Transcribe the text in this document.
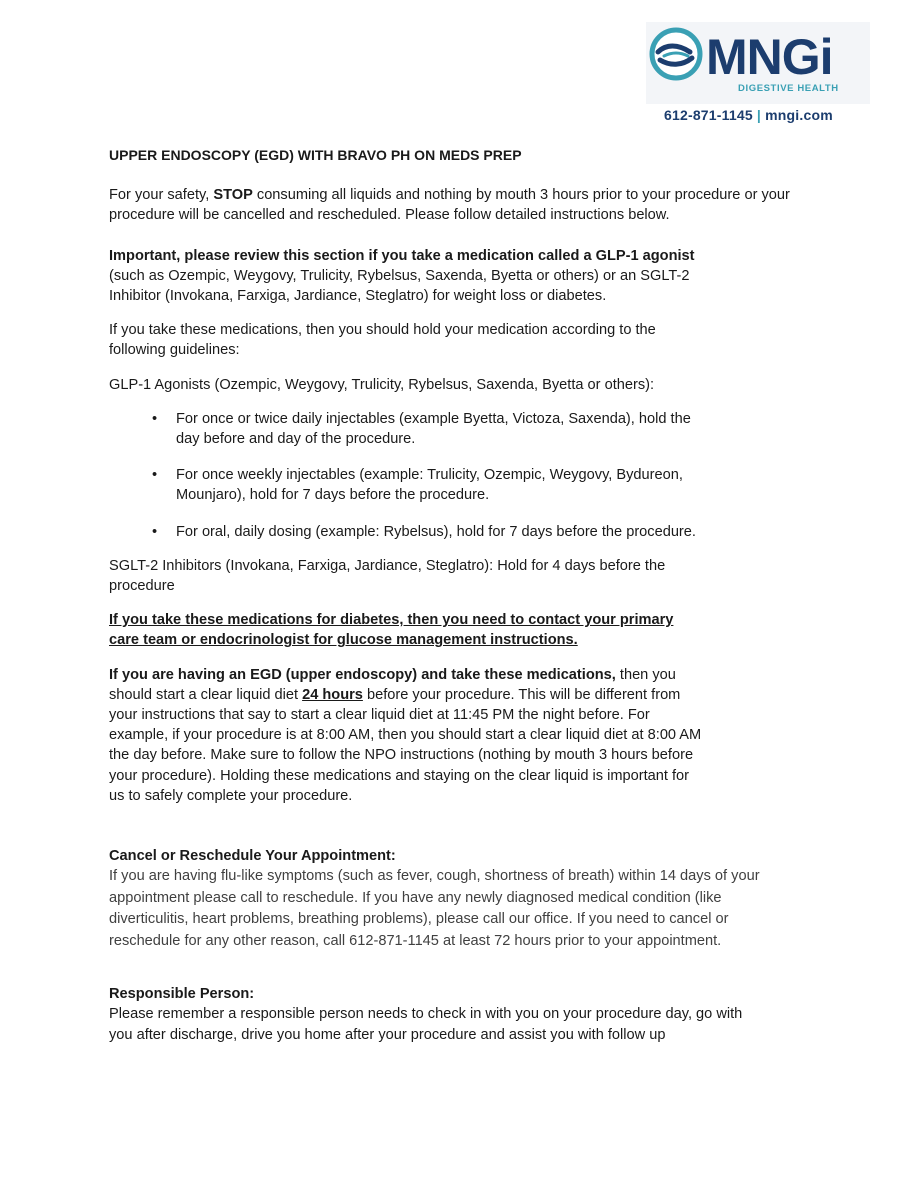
MNGi
DIGESTIVE HEALTH
612-871-1145 | mngi.com

UPPER ENDOSCOPY (EGD) WITH BRAVO PH ON MEDS PREP

For your safety, STOP consuming all liquids and nothing by mouth 3 hours prior to your procedure or your procedure will be cancelled and rescheduled. Please follow detailed instructions below.

Important, please review this section if you take a medication called a GLP-1 agonist
(such as Ozempic, Weygovy, Trulicity, Rybelsus, Saxenda, Byetta or others) or an SGLT-2 Inhibitor (Invokana, Farxiga, Jardiance, Steglatro) for weight loss or diabetes.

If you take these medications, then you should hold your medication according to the following guidelines:

GLP-1 Agonists (Ozempic, Weygovy, Trulicity, Rybelsus, Saxenda, Byetta or others):

• For once or twice daily injectables (example Byetta, Victoza, Saxenda), hold the day before and day of the procedure.
• For once weekly injectables (example: Trulicity, Ozempic, Weygovy, Bydureon, Mounjaro), hold for 7 days before the procedure.
• For oral, daily dosing (example: Rybelsus), hold for 7 days before the procedure.

SGLT-2 Inhibitors (Invokana, Farxiga, Jardiance, Steglatro): Hold for 4 days before the procedure

If you take these medications for diabetes, then you need to contact your primary care team or endocrinologist for glucose management instructions.

If you are having an EGD (upper endoscopy) and take these medications, then you should start a clear liquid diet 24 hours before your procedure. This will be different from your instructions that say to start a clear liquid diet at 11:45 PM the night before. For example, if your procedure is at 8:00 AM, then you should start a clear liquid diet at 8:00 AM the day before. Make sure to follow the NPO instructions (nothing by mouth 3 hours before your procedure). Holding these medications and staying on the clear liquid is important for us to safely complete your procedure.

Cancel or Reschedule Your Appointment:

If you are having flu-like symptoms (such as fever, cough, shortness of breath) within 14 days of your appointment please call to reschedule. If you have any newly diagnosed medical condition (like diverticulitis, heart problems, breathing problems), please call our office. If you need to cancel or reschedule for any other reason, call 612-871-1145 at least 72 hours prior to your appointment.

Responsible Person:

Please remember a responsible person needs to check in with you on your procedure day, go with you after discharge, drive you home after your procedure and assist you with follow up
